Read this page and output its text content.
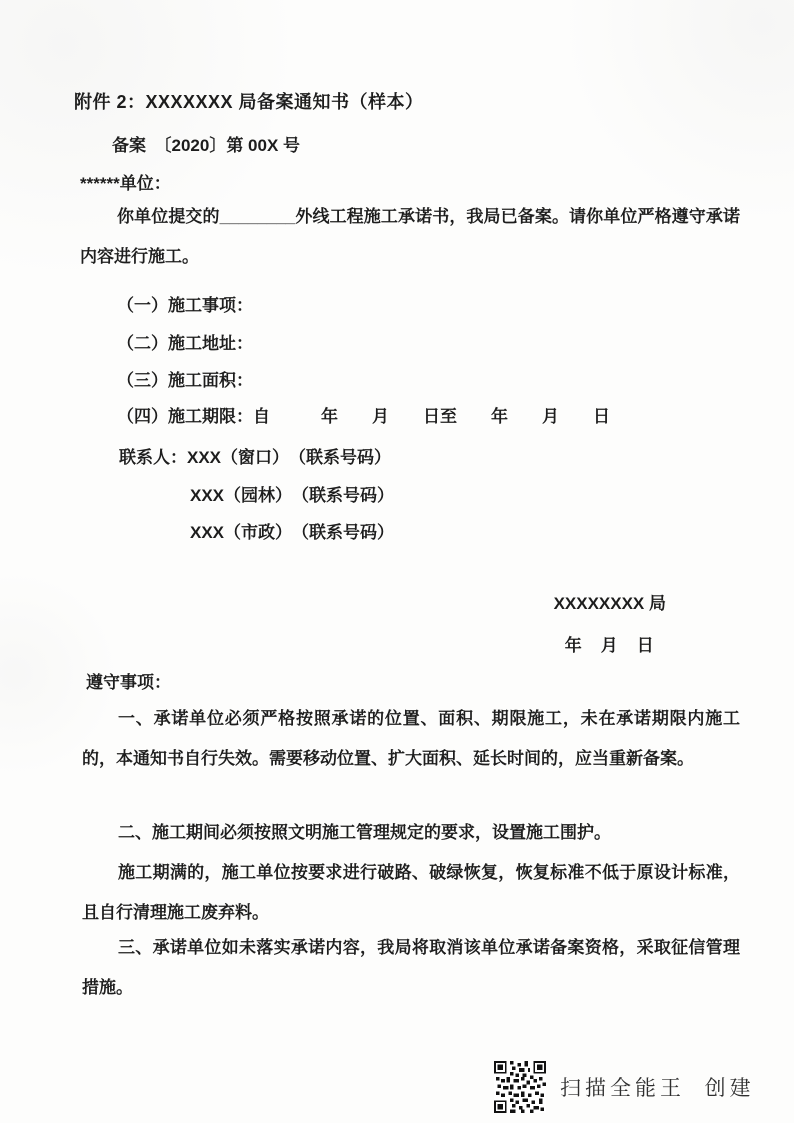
附件 2：XXXXXXX 局备案通知书（样本）
备案　〔2020〕第 00X 号
******单位：

你单位提交的________外线工程施工承诺书，我局已备案。请你单位严格遵守承诺内容进行施工。

（一）施工事项：
（二）施工地址：
（三）施工面积：
（四）施工期限：自　　　年　　月　　日至　　年　　月　　日
联系人：XXX（窗口）　（联系号码）
XXX（园林）　（联系号码）
XXX（市政）　（联系号码）
XXXXXXXX 局
年　月　日
遵守事项：

一、承诺单位必须严格按照承诺的位置、面积、期限施工，未在承诺期限内施工的，本通知书自行失效。需要移动位置、扩大面积、延长时间的，应当重新备案。

二、施工期间必须按照文明施工管理规定的要求，设置施工围护。

施工期满的，施工单位按要求进行破路、破绿恢复，恢复标准不低于原设计标准，且自行清理施工废弃料。

三、承诺单位如未落实承诺内容，我局将取消该单位承诺备案资格，采取征信管理措施。

扫描全能王  创建
